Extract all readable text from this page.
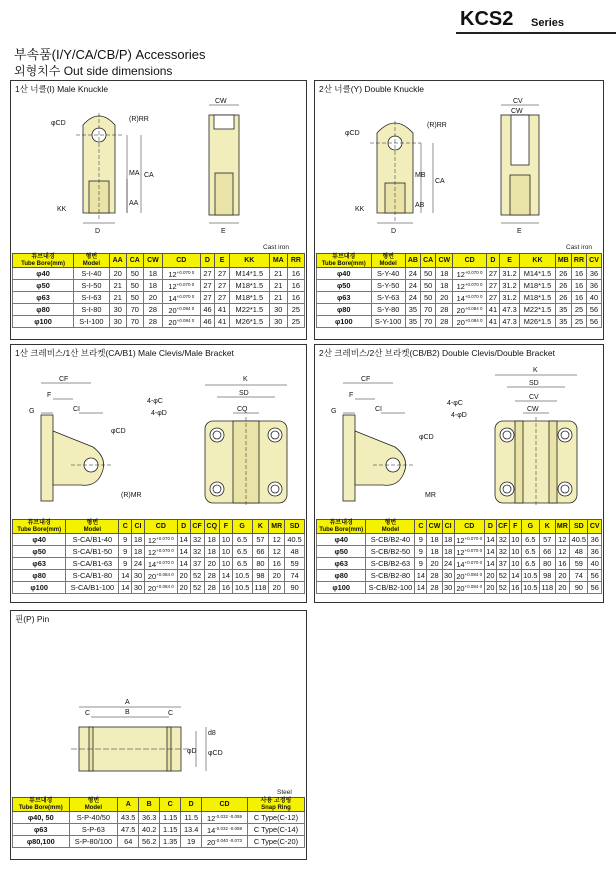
KCS2 Series
부속품(I/Y/CA/CB/P) Accessories
외형치수 Out side dimensions
1산 너클(I) Male Knuckle
φCD
(R)RR
CW
MA CA
AA
KK
D	E
Cast iron
튜브내경
Tube Bore(mm)	형번
Model	AA	CA	CW	CD	D	E	KK	MA	RR
φ40	S-I-40	20	50	18	$12^{+0.070 0}$	27	27	M14*1.5	21	16
φ50	S-I-50	21	50	18	$12^{+0.070 0}$	27	27	M18*1.5	21	16
φ63	S-I-63	21	50	20	$14^{+0.070 0}$	27	27	M18*1.5	21	16
φ80	S-I-80	30	70	28	$20^{+0.084 0}$	46	41	M22*1.5	30	25
φ100	S-I-100	30	70	28	$20^{+0.084 0}$	46	41	M26*1.5	30	25
2산 너클(Y) Double Knuckle
φCD
(R)RR
CV
CW
MB
CA
AB
KK
D	E
Cast iron
튜브내경
Tube Bore(mm)	형번
Model	AB	CA	CW	CD	D	E	KK	MB	RR	CV
φ40	S-Y-40	24	50	18	$12^{+0.070 0}$	27	31.2	M14*1.5	26	16	36
φ50	S-Y-50	24	50	18	$12^{+0.070 0}$	27	31.2	M18*1.5	26	16	36
φ63	S-Y-63	24	50	20	$14^{+0.070 0}$	27	31.2	M18*1.5	26	16	40
φ80	S-Y-80	35	70	28	$20^{+0.084 0}$	41	47.3	M22*1.5	35	25	56
φ100	S-Y-100	35	70	28	$20^{+0.084 0}$	41	47.3	M26*1.5	35	25	56
1산 크레비스/1산 브라켓(CA/B1) Male Clevis/Male Bracket
CF
F
G	CI
φCD
(R)MR
K
SD
4-φC
4-φD
CQ
튜브내경
Tube Bore(mm)	형번
Model	C	CI	CD	D	CF	CQ	F	G	K	MR	SD
φ40	S-CA/B1-40	9	18	$12^{+0.070 0}$	14	32	18	10	6.5	57	12	40.5
φ50	S-CA/B1-50	9	18	$12^{+0.070 0}$	14	32	18	10	6.5	66	12	48
φ63	S-CA/B1-63	9	24	$14^{+0.070 0}$	14	37	20	10	6.5	80	16	59
φ80	S-CA/B1-80	14	30	$20^{+0.084 0}$	20	52	28	14	10.5	98	20	74
φ100	S-CA/B1-100	14	30	$20^{+0.084 0}$	20	52	28	16	10.5	118	20	90
2산 크레비스/2산 브라켓(CB/B2) Double Clevis/Double Bracket
CF
F
G	CI
φCD
MR
K
SD
4-φC
4-φD
CV
CW
튜브내경
Tube Bore(mm)	형번
Model	C	CW	CI	CD	D	CF	F	G	K	MR	SD	CV
φ40	S-CB/B2-40	9	18	18	$12^{+0.070 0}$	14	32	10	6.5	57	12	40.5	36
φ50	S-CB/B2-50	9	18	18	$12^{+0.070 0}$	14	32	10	6.5	66	12	48	36
φ63	S-CB/B2-63	9	20	24	$14^{+0.070 0}$	14	37	10	6.5	80	16	59	40
φ80	S-CB/B2-80	14	28	30	$20^{+0.084 0}$	20	52	14	10.5	98	20	74	56
φ100	S-CB/B2-100	14	28	30	$20^{+0.084 0}$	20	52	16	10.5	118	20	90	56
핀(P) Pin
A
B
C	C
φD φCD
d8
Steel
튜브내경
Tube Bore(mm)	형번
Model	A	B	C	D	CD	사용 고정링
Snap Ring
φ40, 50	S-P-40/50	43.5	36.3	1.15	11.5	$12^{-0.032 -0.059}$	C Type(C-12)
φ63	S-P-63	47.5	40.2	1.15	13.4	$14^{-0.032 -0.059}$	C Type(C-14)
φ80,100	S-P-80/100	64	56.2	1.35	19	$20^{-0.040 -0.073}$	C Type(C-20)
